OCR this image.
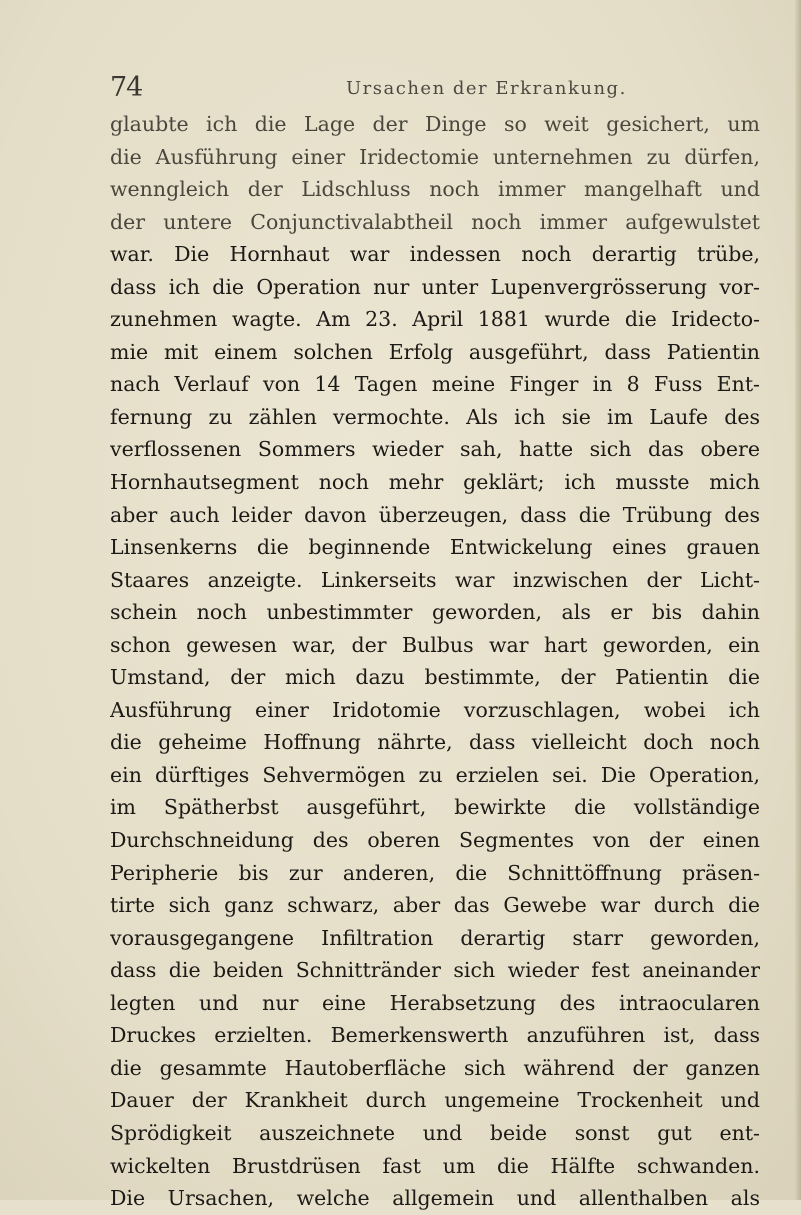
74	Ursachen der Erkrankung.
glaubte ich die Lage der Dinge so weit gesichert, um
die Ausführung einer Iridectomie unternehmen zu dürfen,
wenngleich der Lidschluss noch immer mangelhaft und
der untere Conjunctivalabtheil noch immer aufgewulstet
war. Die Hornhaut war indessen noch derartig trübe,
dass ich die Operation nur unter Lupenvergrösserung vor-
zunehmen wagte. Am 23. April 1881 wurde die Iridecto-
mie mit einem solchen Erfolg ausgeführt, dass Patientin
nach Verlauf von 14 Tagen meine Finger in 8 Fuss Ent-
fernung zu zählen vermochte. Als ich sie im Laufe des
verflossenen Sommers wieder sah, hatte sich das obere
Hornhautsegment noch mehr geklärt; ich musste mich
aber auch leider davon überzeugen, dass die Trübung des
Linsenkerns die beginnende Entwickelung eines grauen
Staares anzeigte. Linkerseits war inzwischen der Licht-
schein noch unbestimmter geworden, als er bis dahin
schon gewesen war, der Bulbus war hart geworden, ein
Umstand, der mich dazu bestimmte, der Patientin die
Ausführung einer Iridotomie vorzuschlagen, wobei ich
die geheime Hoffnung nährte, dass vielleicht doch noch
ein dürftiges Sehvermögen zu erzielen sei. Die Operation,
im Spätherbst ausgeführt, bewirkte die vollständige
Durchschneidung des oberen Segmentes von der einen
Peripherie bis zur anderen, die Schnittöffnung präsen-
tirte sich ganz schwarz, aber das Gewebe war durch die
vorausgegangene Infiltration derartig starr geworden,
dass die beiden Schnittränder sich wieder fest aneinander
legten und nur eine Herabsetzung des intraocularen
Druckes erzielten. Bemerkenswerth anzuführen ist, dass
die gesammte Hautoberfläche sich während der ganzen
Dauer der Krankheit durch ungemeine Trockenheit und
Sprödigkeit auszeichnete und beide sonst gut ent-
wickelten Brustdrüsen fast um die Hälfte schwanden.
Die Ursachen, welche allgemein und allenthalben als
